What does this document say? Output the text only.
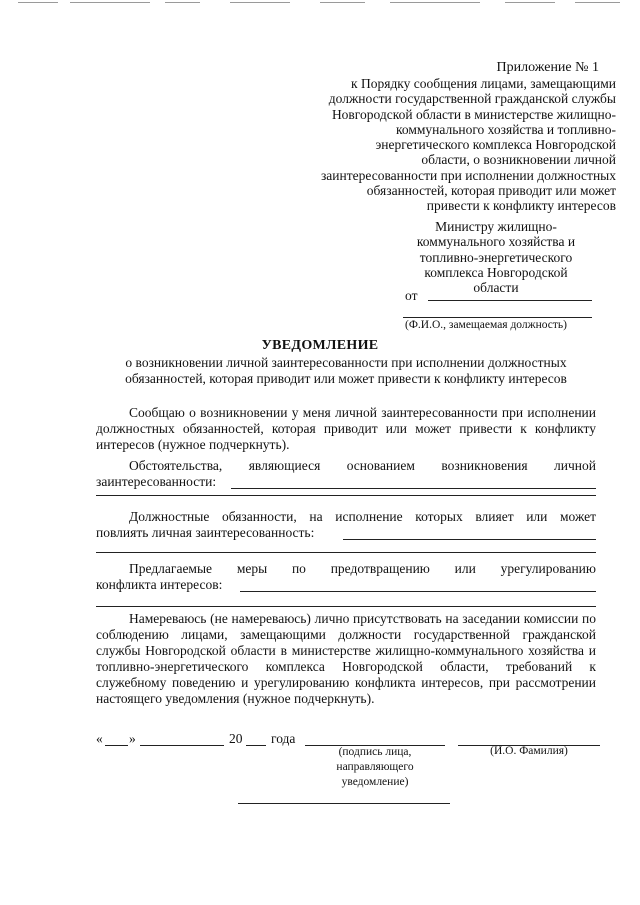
Приложение № 1
к Порядку сообщения лицами, замещающими
должности государственной гражданской службы
Новгородской области в министерстве жилищно-
коммунального хозяйства и топливно-
энергетического комплекса Новгородской
области, о возникновении личной
заинтересованности при исполнении должностных
обязанностей, которая приводит или может
привести к конфликту интересов
Министру жилищно-
коммунального хозяйства и
топливно-энергетического
комплекса Новгородской
области
от
(Ф.И.О., замещаемая должность)
УВЕДОМЛЕНИЕ
о возникновении личной заинтересованности при исполнении должностных
обязанностей, которая приводит или может привести к конфликту интересов
Сообщаю о возникновении у меня личной заинтересованности при исполнении должностных обязанностей, которая приводит или может привести к конфликту интересов (нужное подчеркнуть).
Обстоятельства, являющиеся основанием возникновения личной
заинтересованности:
Должностные обязанности, на исполнение которых влияет или может
повлиять личная заинтересованность:
Предлагаемые меры по предотвращению или урегулированию
конфликта интересов:
Намереваюсь (не намереваюсь) лично присутствовать на заседании комиссии по соблюдению лицами, замещающими должности государственной гражданской службы Новгородской области в министерстве жилищно-коммунального хозяйства и топливно-энергетического комплекса Новгородской области, требований к служебному поведению и урегулированию конфликта интересов, при рассмотрении настоящего уведомления (нужное подчеркнуть).
« »	20 года
(подпись лица,
направляющего
уведомление)
(И.О. Фамилия)
